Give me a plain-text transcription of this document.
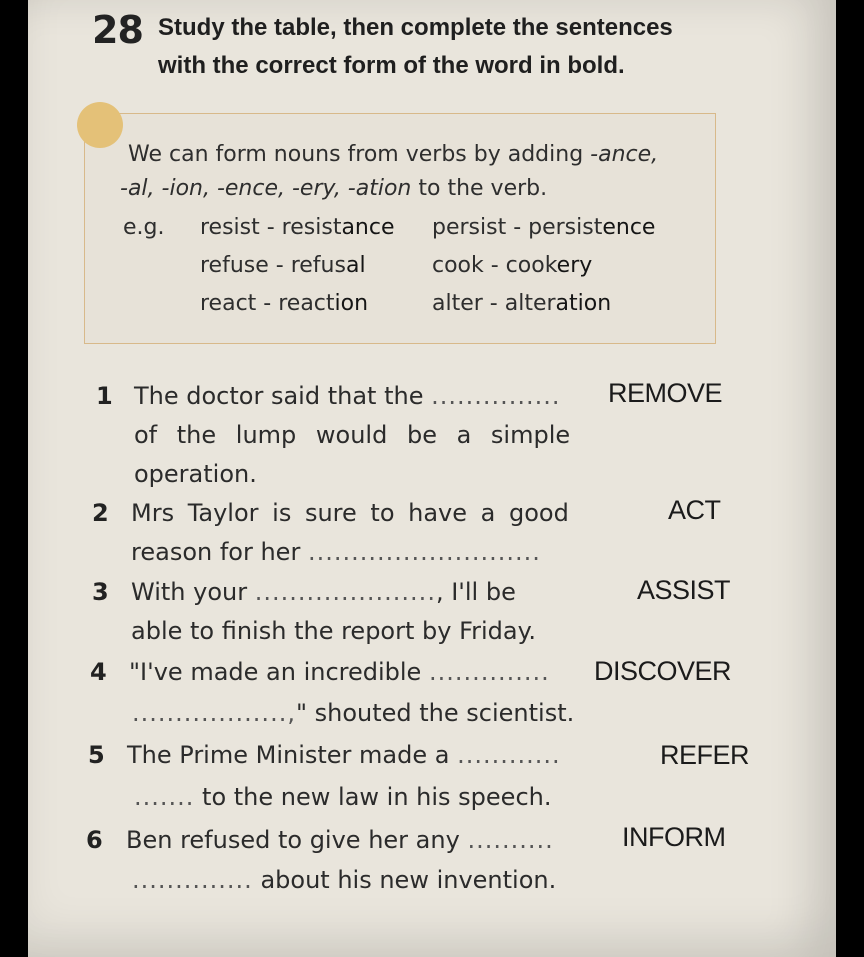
28 Study the table, then complete the sentences
with the correct form of the word in bold.
We can form nouns from verbs by adding -ance,
-al, -ion, -ence, -ery, -ation to the verb.
e.g. resist - resistance persist - persistence
refuse - refusal	cook - cookery
react - reaction	alter - alteration
1 The doctor said that the ...............
of the lump would be a simple
operation.
REMOVE
2 Mrs Taylor is sure to have a good
reason for her ...........................
ACT
3 With your ....................., I'll be
able to finish the report by Friday.
ASSIST
4 "I've made an incredible ..............
..................," shouted the scientist.
DISCOVER
5 The Prime Minister made a ............
....... to the new law in his speech.
REFER
6 Ben refused to give her any ..........
.............. about his new invention.
INFORM
